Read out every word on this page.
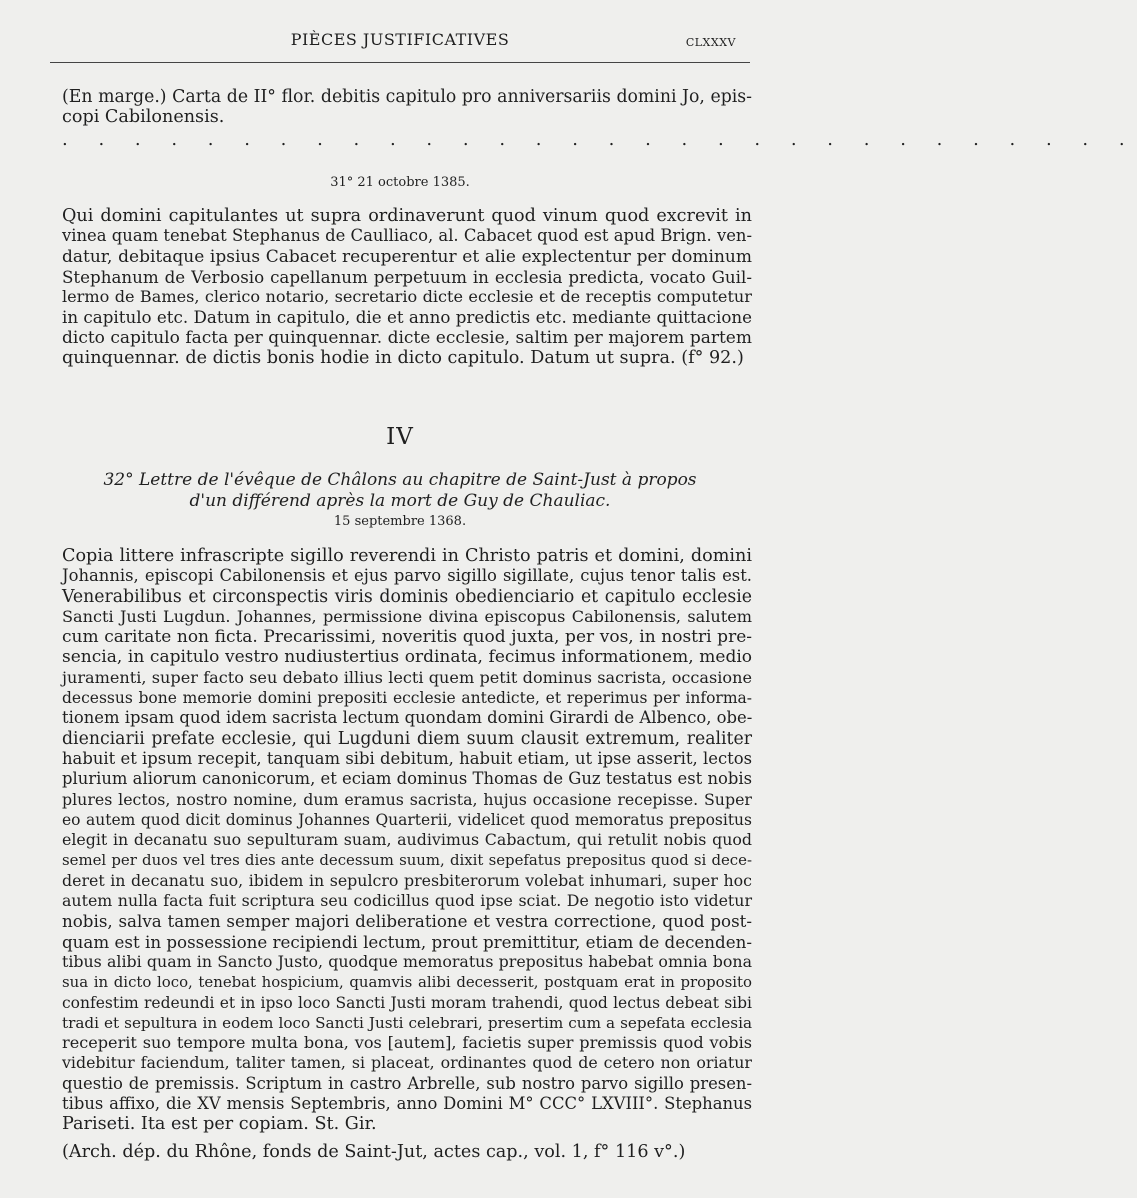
PIÈCES JUSTIFICATIVES	CLXXXV
(En marge.) Carta de II° flor. debitis capitulo pro anniversariis domini Jo, epis-
copi Cabilonensis.
. . . . . . . . . . . . . . . . . . . . . . . . . . . . . .
31° 21 octobre 1385.
Qui domini capitulantes ut supra ordinaverunt quod vinum quod excrevit in
vinea quam tenebat Stephanus de Caulliaco, al. Cabacet quod est apud Brign. ven-
datur, debitaque ipsius Cabacet recuperentur et alie explectentur per dominum
Stephanum de Verbosio capellanum perpetuum in ecclesia predicta, vocato Guil-
lermo de Bames, clerico notario, secretario dicte ecclesie et de receptis computetur
in capitulo etc. Datum in capitulo, die et anno predictis etc. mediante quittacione
dicto capitulo facta per quinquennar. dicte ecclesie, saltim per majorem partem
quinquennar. de dictis bonis hodie in dicto capitulo. Datum ut supra. (f° 92.)
IV
32° Lettre de l'évêque de Châlons au chapitre de Saint-Just à propos
d'un différend après la mort de Guy de Chauliac.
15 septembre 1368.
Copia littere infrascripte sigillo reverendi in Christo patris et domini, domini
Johannis, episcopi Cabilonensis et ejus parvo sigillo sigillate, cujus tenor talis est.
Venerabilibus et circonspectis viris dominis obedienciario et capitulo ecclesie
Sancti Justi Lugdun. Johannes, permissione divina episcopus Cabilonensis, salutem
cum caritate non ficta. Precarissimi, noveritis quod juxta, per vos, in nostri pre-
sencia, in capitulo vestro nudiustertius ordinata, fecimus informationem, medio
juramenti, super facto seu debato illius lecti quem petit dominus sacrista, occasione
decessus bone memorie domini prepositi ecclesie antedicte, et reperimus per informa-
tionem ipsam quod idem sacrista lectum quondam domini Girardi de Albenco, obe-
dienciarii prefate ecclesie, qui Lugduni diem suum clausit extremum, realiter
habuit et ipsum recepit, tanquam sibi debitum, habuit etiam, ut ipse asserit, lectos
plurium aliorum canonicorum, et eciam dominus Thomas de Guz testatus est nobis
plures lectos, nostro nomine, dum eramus sacrista, hujus occasione recepisse. Super
eo autem quod dicit dominus Johannes Quarterii, videlicet quod memoratus prepositus
elegit in decanatu suo sepulturam suam, audivimus Cabactum, qui retulit nobis quod
semel per duos vel tres dies ante decessum suum, dixit sepefatus prepositus quod si dece-
deret in decanatu suo, ibidem in sepulcro presbiterorum volebat inhumari, super hoc
autem nulla facta fuit scriptura seu codicillus quod ipse sciat. De negotio isto videtur
nobis, salva tamen semper majori deliberatione et vestra correctione, quod post-
quam est in possessione recipiendi lectum, prout premittitur, etiam de decenden-
tibus alibi quam in Sancto Justo, quodque memoratus prepositus habebat omnia bona
sua in dicto loco, tenebat hospicium, quamvis alibi decesserit, postquam erat in proposito
confestim redeundi et in ipso loco Sancti Justi moram trahendi, quod lectus debeat sibi
tradi et sepultura in eodem loco Sancti Justi celebrari, presertim cum a sepefata ecclesia
receperit suo tempore multa bona, vos [autem], facietis super premissis quod vobis
videbitur faciendum, taliter tamen, si placeat, ordinantes quod de cetero non oriatur
questio de premissis. Scriptum in castro Arbrelle, sub nostro parvo sigillo presen-
tibus affixo, die XV mensis Septembris, anno Domini M° CCC° LXVIII°. Stephanus
Pariseti. Ita est per copiam. St. Gir.
(Arch. dép. du Rhône, fonds de Saint-Jut, actes cap., vol. 1, f° 116 v°.)
